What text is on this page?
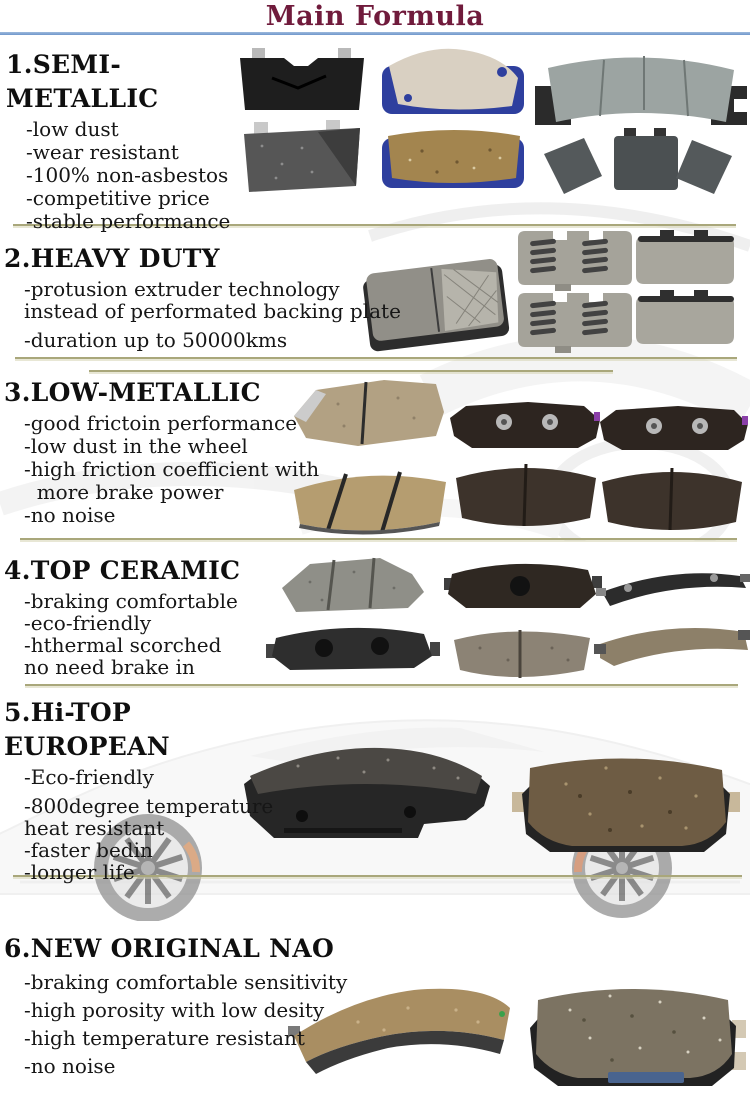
Main Formula
1.SEMI-METALLIC
-low dust
-wear resistant
-100% non-asbestos
-competitive price
-stable performance
2.HEAVY DUTY
-protusion extruder technology
instead of performated backing plate
-duration up to 50000kms
3.LOW-METALLIC
-good frictoin performance
-low dust in the wheel
-high friction coefficient with
more brake power
-no noise
4.TOP CERAMIC
-braking comfortable
-eco-friendly
-hthermal scorched
no need brake in
5.Hi-TOP EUROPEAN
-Eco-friendly
-800degree temperature
heat resistant
-faster bedin
-longer life
6.NEW ORIGINAL NAO
-braking comfortable sensitivity
-high porosity with low desity
-high temperature resistant
-no noise
